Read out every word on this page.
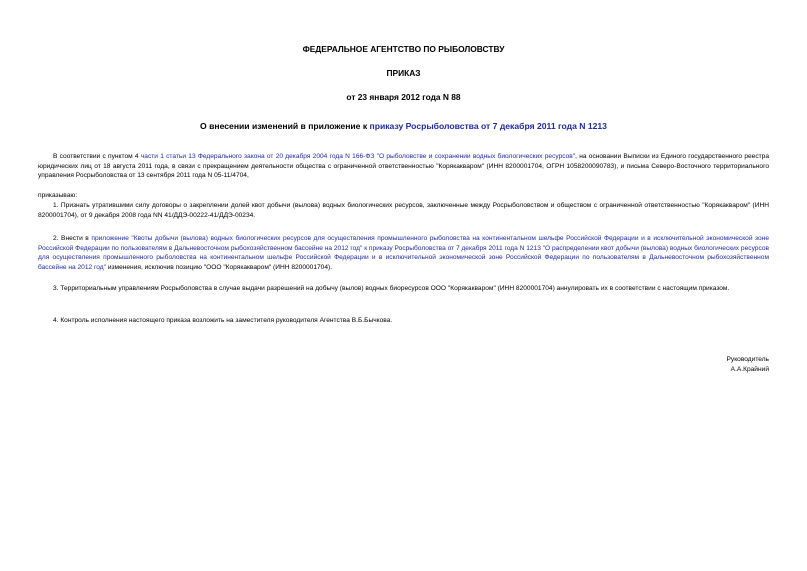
ФЕДЕРАЛЬНОЕ АГЕНТСТВО ПО РЫБОЛОВСТВУ
ПРИКАЗ
от 23 января 2012 года N 88
О внесении изменений в приложение к приказу Росрыболовства от 7 декабря 2011 года N 1213
В соответствии с пунктом 4 части 1 статьи 13 Федерального закона от 20 декабря 2004 года N 166-ФЗ "О рыболовстве и сохранении водных биологических ресурсов", на основании Выписки из Единого государственного реестра юридических лиц от 18 августа 2011 года, в связи с прекращением деятельности общества с ограниченной ответственностью "Корякакваром" (ИНН 8200001704, ОГРН 1058200090783), и письма Северо-Восточного территориального управления Росрыболовства от 13 сентября 2011 года N 05-11/4704,
приказываю:
1. Признать утратившими силу договоры о закреплении долей квот добычи (вылова) водных биологических ресурсов, заключенные между Росрыболовством и обществом с ограниченной ответственностью "Корякакваром" (ИНН 8200001704), от 9 декабря 2008 года NN 41/ДДЭ-00222-41/ДДЭ-00234.
2. Внести в приложение "Квоты добычи (вылова) водных биологических ресурсов для осуществления промышленного рыболовства на континентальном шельфе Российской Федерации и в исключительной экономической зоне Российской Федерации по пользователям в Дальневосточном рыбохозяйственном бассейне на 2012 год" к приказу Росрыболовства от 7 декабря 2011 года N 1213 "О распределении квот добычи (вылова) водных биологических ресурсов для осуществления промышленного рыболовства на континентальном шельфе Российской Федерации и в исключительной экономической зоне Российской Федерации по пользователям в Дальневосточном рыбохозяйственном бассейне на 2012 год" изменения, исключив позицию "ООО "Корякакваром" (ИНН 8200001704).
3. Территориальным управлениям Росрыболовства в случае выдачи разрешений на добычу (вылов) водных биоресурсов ООО "Корякакваром" (ИНН 8200001704) аннулировать их в соответствии с настоящим приказом.
4. Контроль исполнения настоящего приказа возложить на заместителя руководителя Агентства В.Б.Бычкова.
Руководитель
А.А.Крайний
